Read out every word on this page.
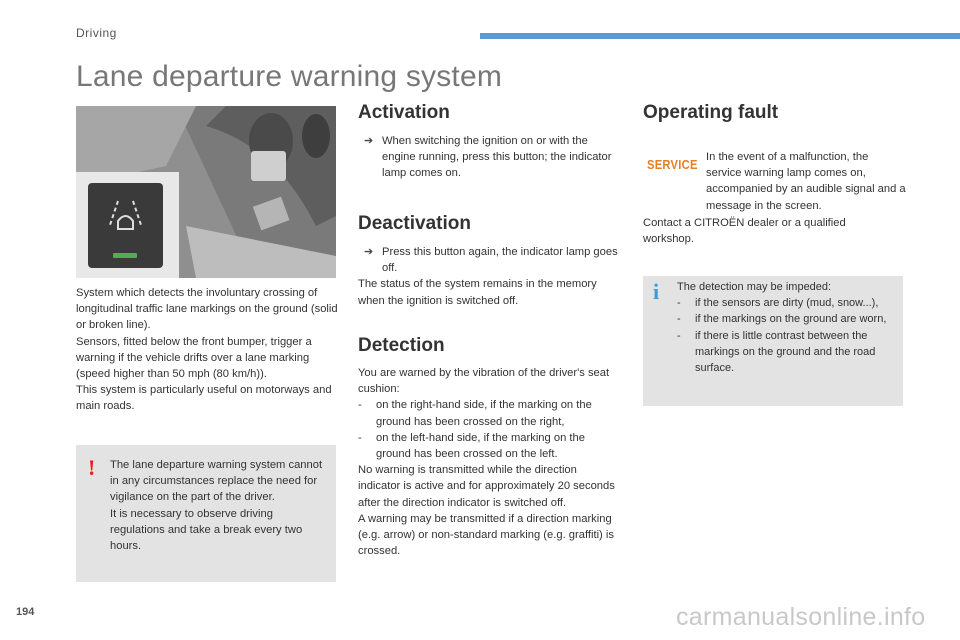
Driving
Lane departure warning system
System which detects the involuntary crossing of longitudinal traffic lane markings on the ground (solid or broken line).
Sensors, fitted below the front bumper, trigger a warning if the vehicle drifts over a lane marking (speed higher than 50 mph (80 km/h)).
This system is particularly useful on motorways and main roads.
! The lane departure warning system cannot in any circumstances replace the need for vigilance on the part of the driver.
It is necessary to observe driving regulations and take a break every two hours.
Activation
➔ When switching the ignition on or with the engine running, press this button; the indicator lamp comes on.
Deactivation
➔ Press this button again, the indicator lamp goes off.
The status of the system remains in the memory when the ignition is switched off.
Detection
You are warned by the vibration of the driver's seat cushion:
- on the right-hand side, if the marking on the ground has been crossed on the right,
- on the left-hand side, if the marking on the ground has been crossed on the left.
No warning is transmitted while the direction indicator is active and for approximately 20 seconds after the direction indicator is switched off.
A warning may be transmitted if a direction marking (e.g. arrow) or non-standard marking (e.g. graffiti) is crossed.
Operating fault
SERVICE In the event of a malfunction, the service warning lamp comes on, accompanied by an audible signal and a message in the screen.
Contact a CITROËN dealer or a qualified workshop.
i The detection may be impeded:
- if the sensors are dirty (mud, snow...),
- if the markings on the ground are worn,
- if there is little contrast between the markings on the ground and the road surface.
194	carmanualsonline.info
